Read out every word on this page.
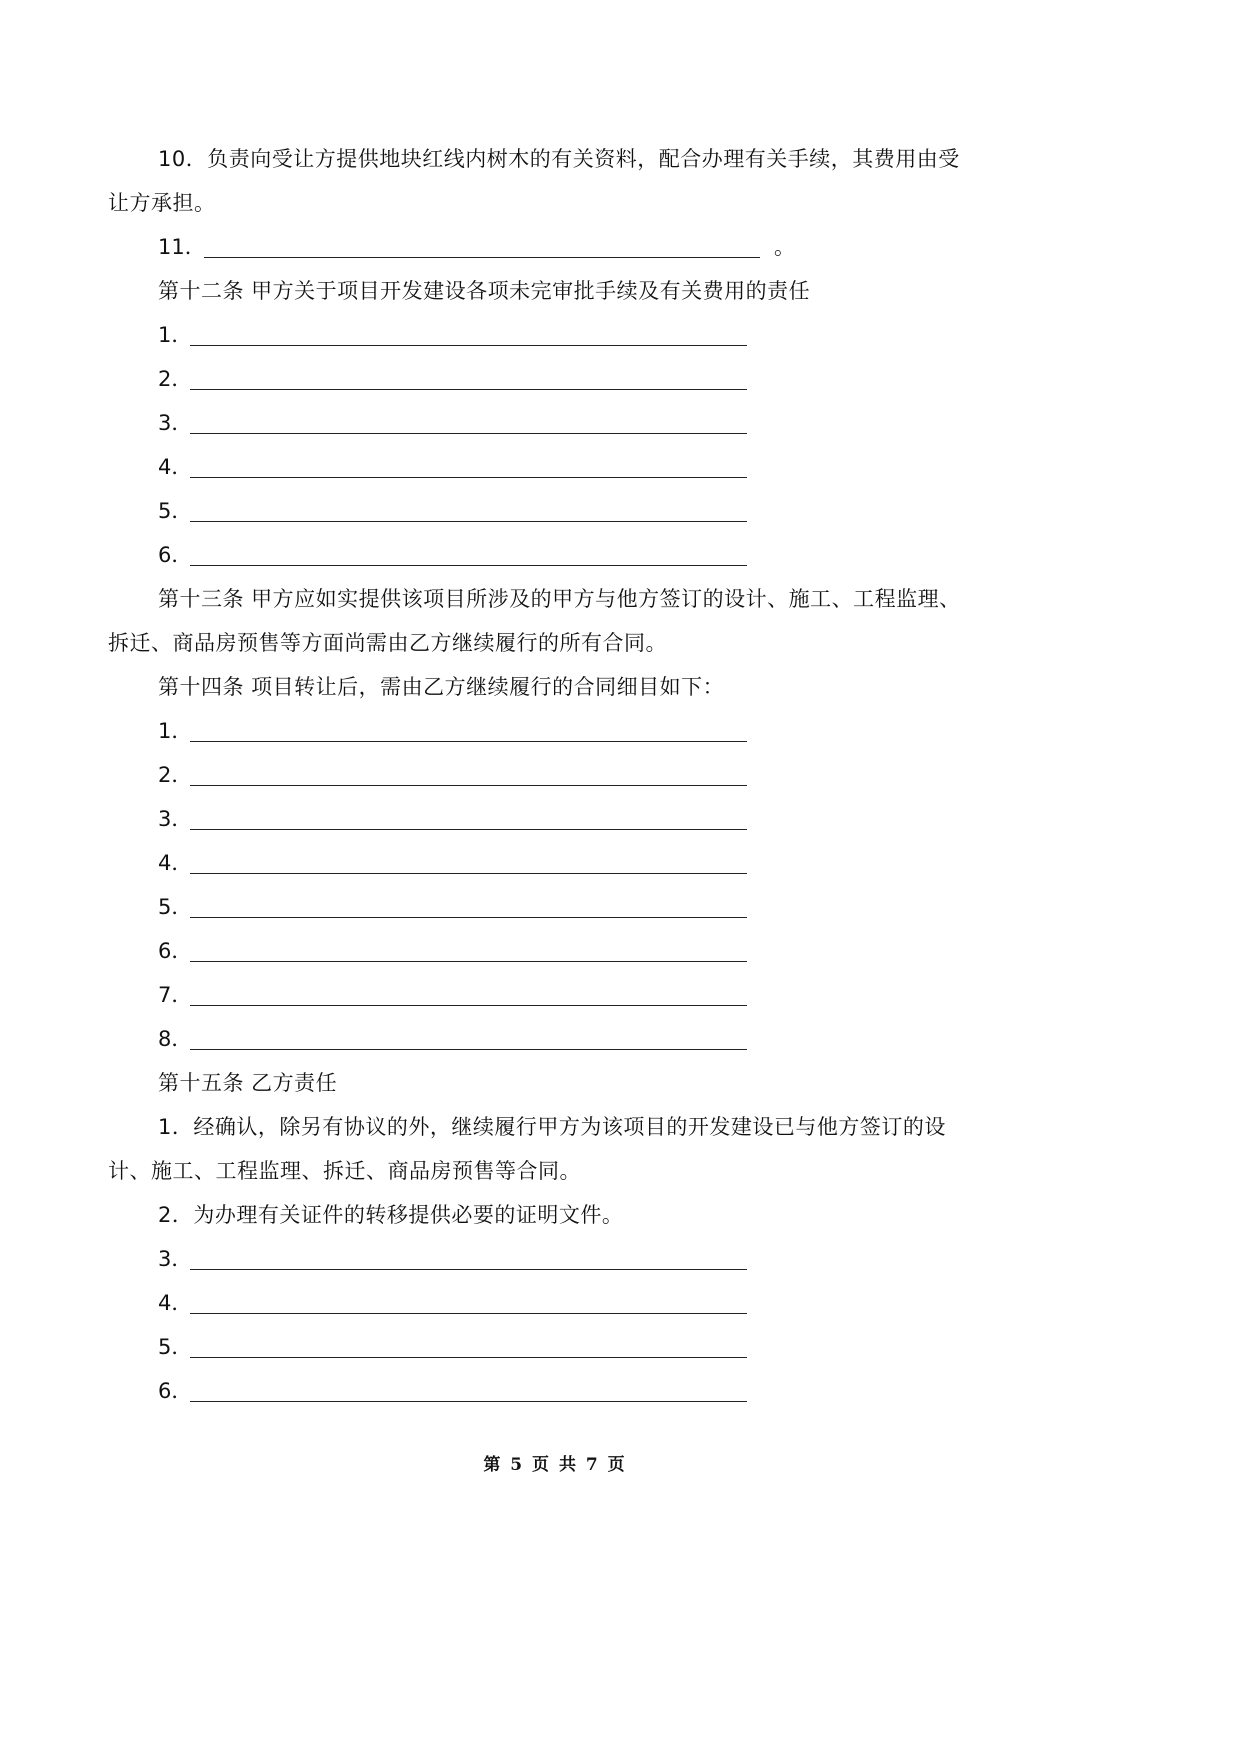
10．负责向受让方提供地块红线内树木的有关资料，配合办理有关手续，其费用由受
让方承担。
11．	。
第十二条 甲方关于项目开发建设各项未完审批手续及有关费用的责任
1．
2．
3．
4．
5．
6．
第十三条 甲方应如实提供该项目所涉及的甲方与他方签订的设计、施工、工程监理、
拆迁、商品房预售等方面尚需由乙方继续履行的所有合同。
第十四条 项目转让后，需由乙方继续履行的合同细目如下：
1．
2．
3．
4．
5．
6．
7．
8．
第十五条 乙方责任
1．经确认，除另有协议的外，继续履行甲方为该项目的开发建设已与他方签订的设
计、施工、工程监理、拆迁、商品房预售等合同。
2．为办理有关证件的转移提供必要的证明文件。
3．
4．
5．
6．
第 5 页 共 7 页
